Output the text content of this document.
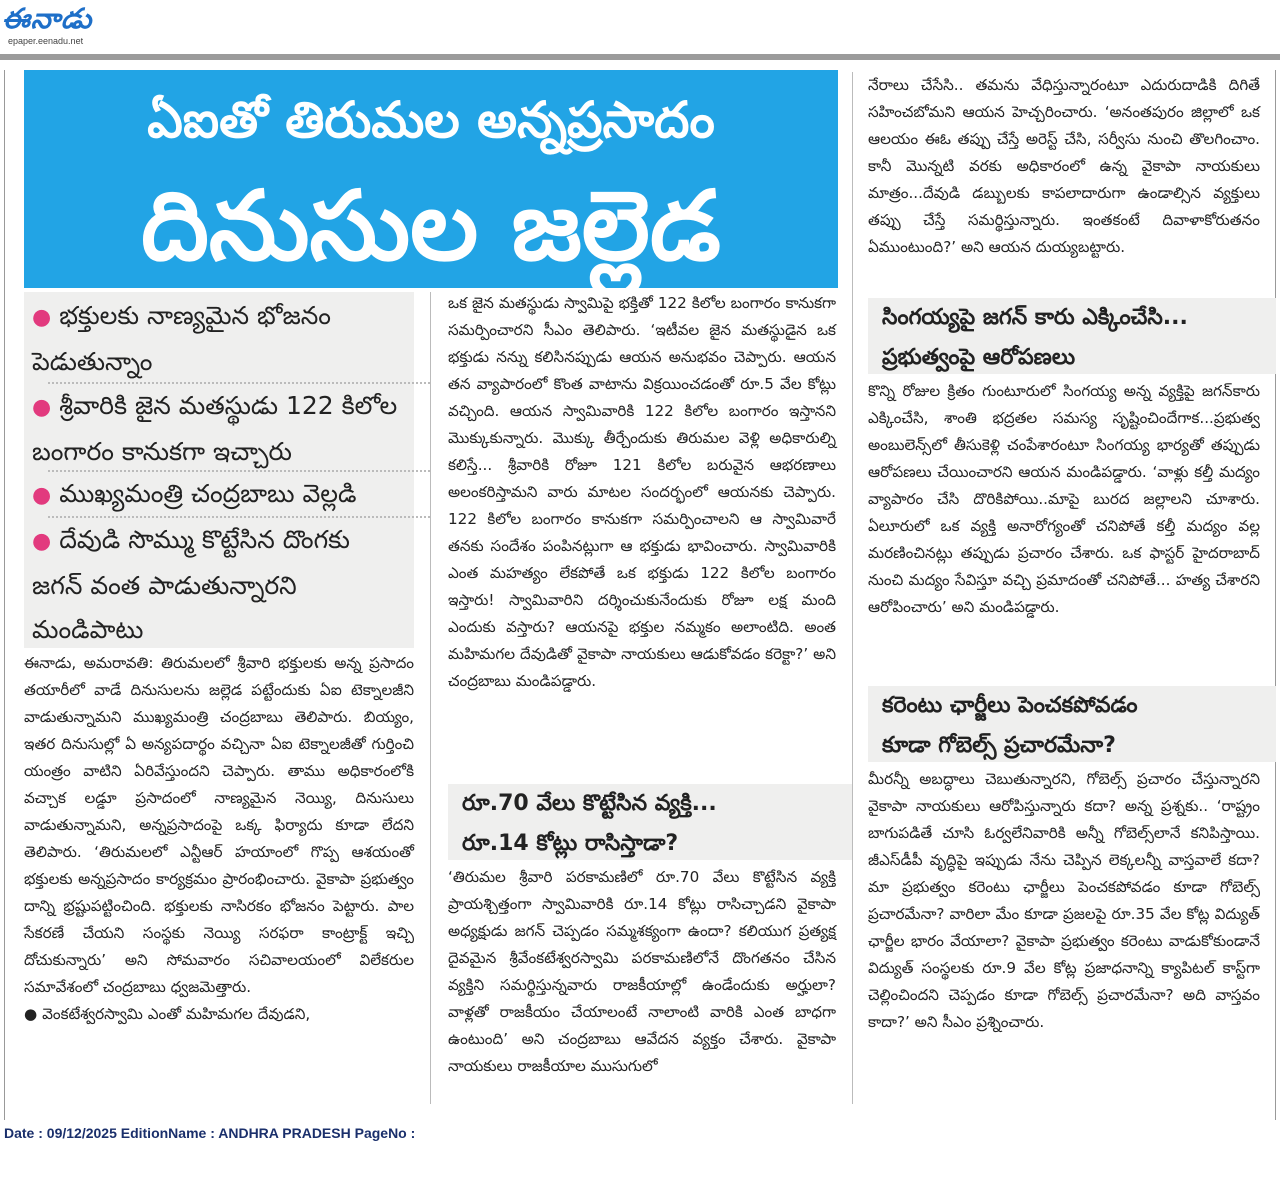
ఈనాడు
epaper.eenadu.net
ఏఐతో తిరుమల అన్నప్రసాదం
దినుసుల జల్లెడ
● భక్తులకు నాణ్యమైన భోజనం పెడుతున్నాం
● శ్రీవారికి జైన మతస్థుడు 122 కిలోల బంగారం కానుకగా ఇచ్చారు
● ముఖ్యమంత్రి చంద్రబాబు వెల్లడి
● దేవుడి సొమ్ము కొట్టేసిన దొంగకు జగన్ వంత పాడుతున్నారని మండిపాటు

ఈనాడు, అమరావతి: తిరుమలలో శ్రీవారి భక్తులకు అన్న ప్రసాదం తయారీలో వాడే దినుసులను జల్లెడ పట్టేందుకు ఏఐ టెక్నాలజీని వాడుతున్నామని ముఖ్యమంత్రి చంద్రబాబు తెలిపారు. బియ్యం, ఇతర దినుసుల్లో ఏ అన్యపదార్థం వచ్చినా ఏఐ టెక్నాలజీతో గుర్తించి యంత్రం వాటిని ఏరివేస్తుందని చెప్పారు. తాము అధికారంలోకి వచ్చాక లడ్డూ ప్రసాదంలో నాణ్యమైన నెయ్యి, దినుసులు వాడుతున్నామని, అన్నప్రసాదంపై ఒక్క ఫిర్యాదు కూడా లేదని తెలిపారు. ‘తిరుమలలో ఎన్టీఆర్ హయాంలో గొప్ప ఆశయంతో భక్తులకు అన్నప్రసాదం కార్యక్రమం ప్రారంభించారు. వైకాపా ప్రభుత్వం దాన్ని భ్రష్టుపట్టించింది. భక్తులకు నాసిరకం భోజనం పెట్టారు. పాల సేకరణే చేయని సంస్థకు నెయ్యి సరఫరా కాంట్రాక్ట్ ఇచ్చి దోచుకున్నారు’ అని సోమవారం సచివాలయంలో విలేకరుల సమావేశంలో చంద్రబాబు ధ్వజమెత్తారు.

● వెంకటేశ్వరస్వామి ఎంతో మహిమగల దేవుడని,

ఒక జైన మతస్థుడు స్వామిపై భక్తితో 122 కిలోల బంగారం కానుకగా సమర్పించారని సీఎం తెలిపారు. ‘ఇటీవల జైన మతస్థుడైన ఒక భక్తుడు నన్ను కలిసినప్పుడు ఆయన అనుభవం చెప్పారు. ఆయన తన వ్యాపారంలో కొంత వాటాను విక్రయించడంతో రూ.5 వేల కోట్లు వచ్చింది. ఆయన స్వామివారికి 122 కిలోల బంగారం ఇస్తానని మొక్కుకున్నారు. మొక్కు తీర్చేందుకు తిరుమల వెళ్లి అధికారుల్ని కలిస్తే... శ్రీవారికి రోజూ 121 కిలోల బరువైన ఆభరణాలు అలంకరిస్తామని వారు మాటల సందర్భంలో ఆయనకు చెప్పారు. 122 కిలోల బంగారం కానుకగా సమర్పించాలని ఆ స్వామివారే తనకు సందేశం పంపినట్లుగా ఆ భక్తుడు భావించారు. స్వామివారికి ఎంత మహత్యం లేకపోతే ఒక భక్తుడు 122 కిలోల బంగారం ఇస్తారు! స్వామివారిని దర్శించుకునేందుకు రోజూ లక్ష మంది ఎందుకు వస్తారు? ఆయనపై భక్తుల నమ్మకం అలాంటిది. అంత మహిమగల దేవుడితో వైకాపా నాయకులు ఆడుకోవడం కరెక్టా?’ అని చంద్రబాబు మండిపడ్డారు.

రూ.70 వేలు కొట్టేసిన వ్యక్తి...
రూ.14 కోట్లు రాసిస్తాడా?

‘తిరుమల శ్రీవారి పరకామణిలో రూ.70 వేలు కొట్టేసిన వ్యక్తి ప్రాయశ్చిత్తంగా స్వామివారికి రూ.14 కోట్లు రాసిచ్చాడని వైకాపా అధ్యక్షుడు జగన్ చెప్పడం సమ్మశక్యంగా ఉందా? కలియుగ ప్రత్యక్ష దైవమైన శ్రీవేంకటేశ్వరస్వామి పరకామణిలోనే దొంగతనం చేసిన వ్యక్తిని సమర్థిస్తున్నవారు రాజకీయాల్లో ఉండేందుకు అర్హులా? వాళ్లతో రాజకీయం చేయాలంటే నాలాంటి వారికి ఎంత బాధగా ఉంటుంది’ అని చంద్రబాబు ఆవేదన వ్యక్తం చేశారు. వైకాపా నాయకులు రాజకీయాల ముసుగులో

నేరాలు చేసేసి.. తమను వేధిస్తున్నారంటూ ఎదురుదాడికి దిగితే సహించబోమని ఆయన హెచ్చరించారు. ‘అనంతపురం జిల్లాలో ఒక ఆలయం ఈఓ తప్పు చేస్తే అరెస్ట్ చేసి, సర్వీసు నుంచి తొలగించాం. కానీ మొన్నటి వరకు అధికారంలో ఉన్న వైకాపా నాయకులు మాత్రం...దేవుడి డబ్బులకు కాపలాదారుగా ఉండాల్సిన వ్యక్తులు తప్పు చేస్తే సమర్థిస్తున్నారు. ఇంతకంటే దివాళాకోరుతనం ఏముంటుంది?’ అని ఆయన దుయ్యబట్టారు.

సింగయ్యపై జగన్ కారు ఎక్కించేసి...
ప్రభుత్వంపై ఆరోపణలు

కొన్ని రోజుల క్రితం గుంటూరులో సింగయ్య అన్న వ్యక్తిపై జగన్‌కారు ఎక్కించేసి, శాంతి భద్రతల సమస్య సృష్టించిందేగాక...ప్రభుత్వ అంబులెన్స్‌లో తీసుకెళ్లి చంపేశారంటూ సింగయ్య భార్యతో తప్పుడు ఆరోపణలు చేయించారని ఆయన మండిపడ్డారు. ‘వాళ్లు కల్తీ మద్యం వ్యాపారం చేసి దొరికిపోయి..మాపై బురద జల్లాలని చూశారు. ఏలూరులో ఒక వ్యక్తి అనారోగ్యంతో చనిపోతే కల్తీ మద్యం వల్ల మరణించినట్లు తప్పుడు ప్రచారం చేశారు. ఒక ఫాస్టర్ హైదరాబాద్ నుంచి మద్యం సేవిస్తూ వచ్చి ప్రమాదంతో చనిపోతే... హత్య చేశారని ఆరోపించారు’ అని మండిపడ్డారు.

కరెంటు ఛార్జీలు పెంచకపోవడం
కూడా గోబెల్స్ ప్రచారమేనా?

మీరన్నీ అబద్ధాలు చెబుతున్నారని, గోబెల్స్ ప్రచారం చేస్తున్నారని వైకాపా నాయకులు ఆరోపిస్తున్నారు కదా? అన్న ప్రశ్నకు.. ‘రాష్ట్రం బాగుపడితే చూసి ఓర్వలేనివారికి అన్నీ గోబెల్స్‌లానే కనిపిస్తాయి. జీఎస్‌డీపీ వృద్ధిపై ఇప్పుడు నేను చెప్పిన లెక్కలన్నీ వాస్తవాలే కదా? మా ప్రభుత్వం కరెంటు ఛార్జీలు పెంచకపోవడం కూడా గోబెల్స్ ప్రచారమేనా? వారిలా మేం కూడా ప్రజలపై రూ.35 వేల కోట్ల విద్యుత్ ఛార్జీల భారం వేయాలా? వైకాపా ప్రభుత్వం కరెంటు వాడుకోకుండానే విద్యుత్ సంస్థలకు రూ.9 వేల కోట్ల ప్రజాధనాన్ని క్యాపిటల్ కాస్ట్‌గా చెల్లించిందని చెప్పడం కూడా గోబెల్స్ ప్రచారమేనా? అది వాస్తవం కాదా?’ అని సీఎం ప్రశ్నించారు.

Date : 09/12/2025 EditionName : ANDHRA PRADESH PageNo :
